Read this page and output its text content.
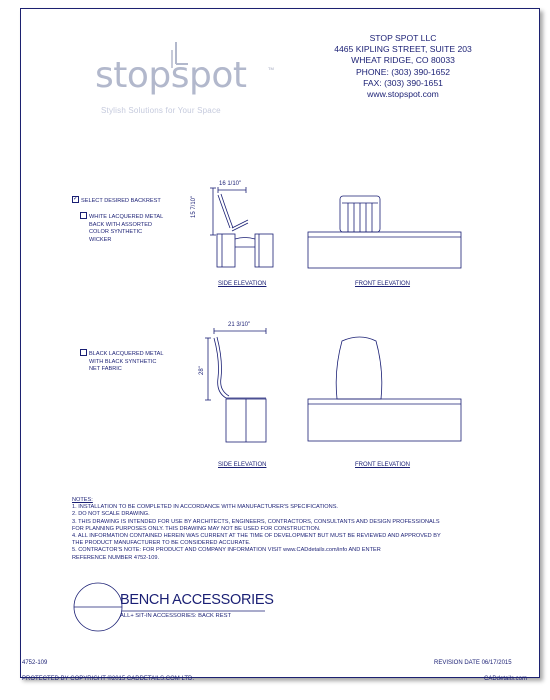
stopspot	TM
Stylish Solutions for Your Space
STOP SPOT LLC
4465 KIPLING STREET, SUITE 203
WHEAT RIDGE, CO 80033
PHONE: (303) 390-1652
FAX: (303) 390-1651
www.stopspot.com
✓ SELECT DESIRED BACKREST
WHITE LACQUERED METAL
BACK WITH ASSORTED
COLOR SYNTHETIC
WICKER
BLACK LACQUERED METAL
WITH BLACK SYNTHETIC
NET FABRIC
16 1/10"
15 7/10"
21 3/10"
28"
SIDE ELEVATION	FRONT ELEVATION
SIDE ELEVATION	FRONT ELEVATION
NOTES:
1. INSTALLATION TO BE COMPLETED IN ACCORDANCE WITH MANUFACTURER'S SPECIFICATIONS.
2. DO NOT SCALE DRAWING.
3. THIS DRAWING IS INTENDED FOR USE BY ARCHITECTS, ENGINEERS, CONTRACTORS, CONSULTANTS AND DESIGN PROFESSIONALS
FOR PLANNING PURPOSES ONLY. THIS DRAWING MAY NOT BE USED FOR CONSTRUCTION.
4. ALL INFORMATION CONTAINED HEREIN WAS CURRENT AT THE TIME OF DEVELOPMENT BUT MUST BE REVIEWED AND APPROVED BY
THE PRODUCT MANUFACTURER TO BE CONSIDERED ACCURATE.
5. CONTRACTOR'S NOTE: FOR PRODUCT AND COMPANY INFORMATION VISIT www.CADdetails.com/info AND ENTER
REFERENCE NUMBER 4752-109.
BENCH ACCESSORIES
ALL+ SIT-IN ACCESSORIES: BACK REST
4752-109	REVISION DATE 06/17/2015
PROTECTED BY COPYRIGHT ©2015 CADDETAILS.COM LTD.	CADdetails.com
